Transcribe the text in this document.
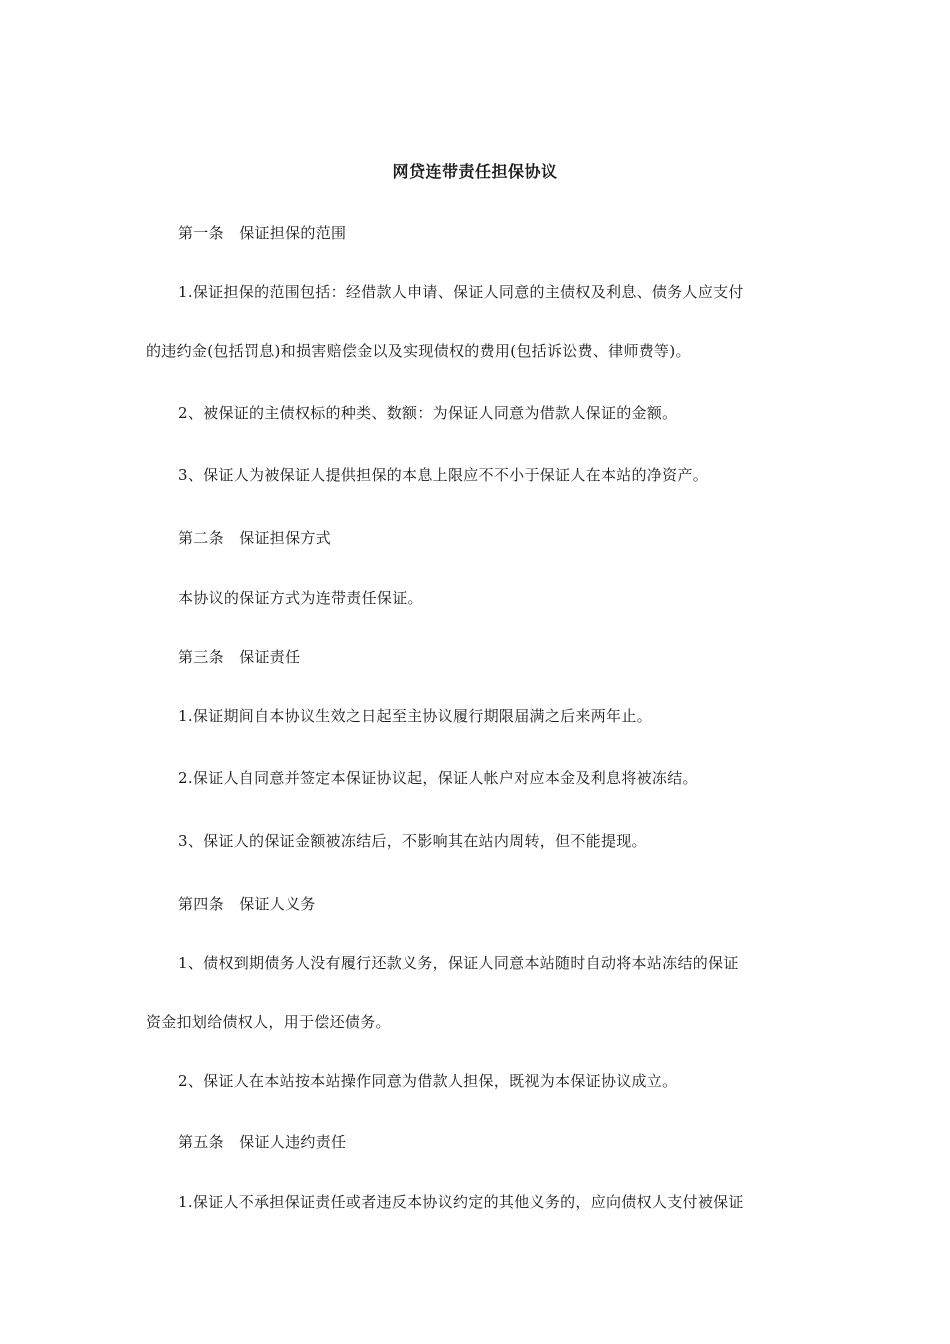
网贷连带责任担保协议
第一条　保证担保的范围
1.保证担保的范围包括：经借款人申请、保证人同意的主债权及利息、债务人应支付
的违约金(包括罚息)和损害赔偿金以及实现债权的费用(包括诉讼费、律师费等)。
2、被保证的主债权标的种类、数额：为保证人同意为借款人保证的金额。
3、保证人为被保证人提供担保的本息上限应不不小于保证人在本站的净资产。
第二条　保证担保方式
本协议的保证方式为连带责任保证。
第三条　保证责任
1.保证期间自本协议生效之日起至主协议履行期限届满之后来两年止。
2.保证人自同意并签定本保证协议起，保证人帐户对应本金及利息将被冻结。
3、保证人的保证金额被冻结后，不影响其在站内周转，但不能提现。
第四条　保证人义务
1、债权到期债务人没有履行还款义务，保证人同意本站随时自动将本站冻结的保证
资金扣划给债权人，用于偿还债务。
2、保证人在本站按本站操作同意为借款人担保，既视为本保证协议成立。
第五条　保证人违约责任
1.保证人不承担保证责任或者违反本协议约定的其他义务的，应向债权人支付被保证
